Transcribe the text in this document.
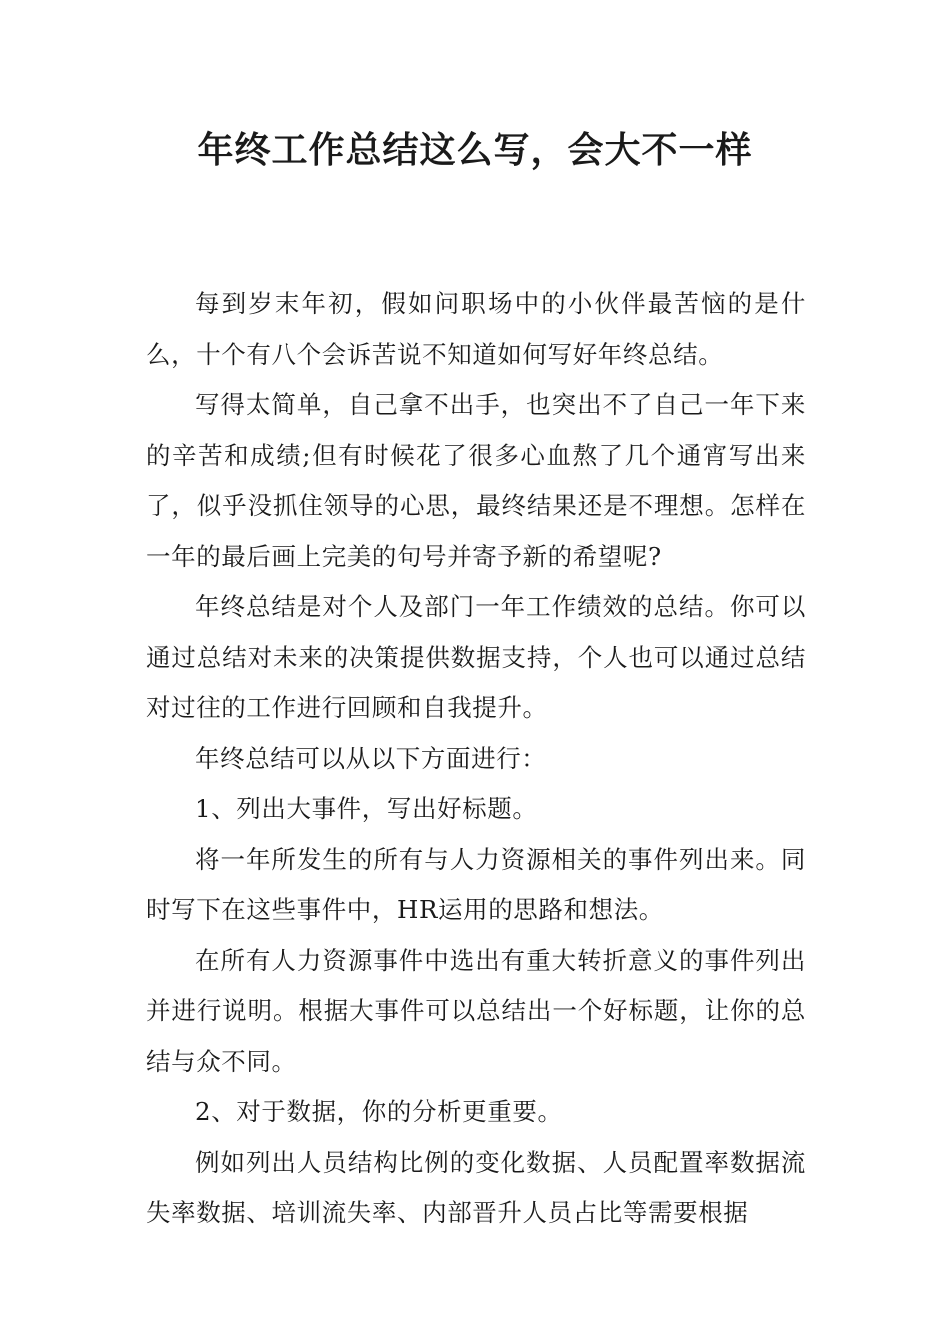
年终工作总结这么写，会大不一样

每到岁末年初，假如问职场中的小伙伴最苦恼的是什么，十个有八个会诉苦说不知道如何写好年终总结。

写得太简单，自己拿不出手，也突出不了自己一年下来的辛苦和成绩;但有时候花了很多心血熬了几个通宵写出来了，似乎没抓住领导的心思，最终结果还是不理想。怎样在一年的最后画上完美的句号并寄予新的希望呢?

年终总结是对个人及部门一年工作绩效的总结。你可以通过总结对未来的决策提供数据支持，个人也可以通过总结对过往的工作进行回顾和自我提升。

年终总结可以从以下方面进行：

1、列出大事件，写出好标题。

将一年所发生的所有与人力资源相关的事件列出来。同时写下在这些事件中，HR运用的思路和想法。

在所有人力资源事件中选出有重大转折意义的事件列出并进行说明。根据大事件可以总结出一个好标题，让你的总结与众不同。

2、对于数据，你的分析更重要。

例如列出人员结构比例的变化数据、人员配置率数据流失率数据、培训流失率、内部晋升人员占比等需要根据
